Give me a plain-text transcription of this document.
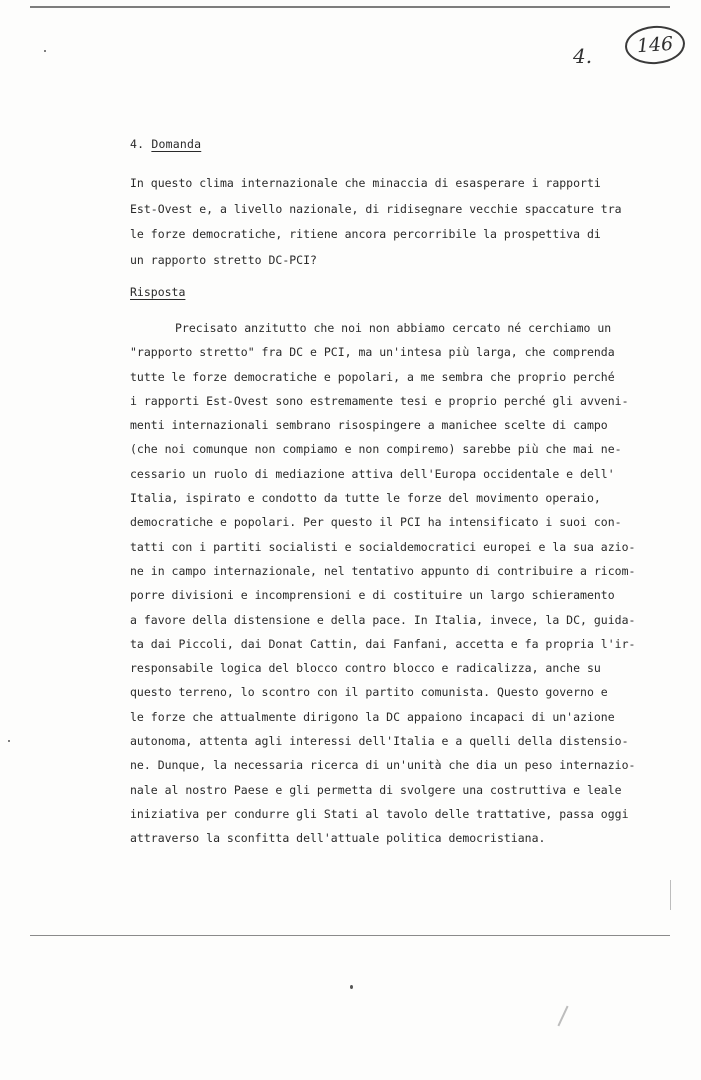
4. 146
4. Domanda
In questo clima internazionale che minaccia di esasperare i rapporti
Est-Ovest e, a livello nazionale, di ridisegnare vecchie spaccature tra
le forze democratiche, ritiene ancora percorribile la prospettiva di
un rapporto stretto DC-PCI?
Risposta
Precisato anzitutto che noi non abbiamo cercato né cerchiamo un
"rapporto stretto" fra DC e PCI, ma un'intesa più larga, che comprenda
tutte le forze democratiche e popolari, a me sembra che proprio perché
i rapporti Est-Ovest sono estremamente tesi e proprio perché gli avveni-
menti internazionali sembrano risospingere a manichee scelte di campo
(che noi comunque non compiamo e non compiremo) sarebbe più che mai ne-
cessario un ruolo di mediazione attiva dell'Europa occidentale e dell'
Italia, ispirato e condotto da tutte le forze del movimento operaio,
democratiche e popolari. Per questo il PCI ha intensificato i suoi con-
tatti con i partiti socialisti e socialdemocratici europei e la sua azio-
ne in campo internazionale, nel tentativo appunto di contribuire a ricom-
porre divisioni e incomprensioni e di costituire un largo schieramento
a favore della distensione e della pace. In Italia, invece, la DC, guida-
ta dai Piccoli, dai Donat Cattin, dai Fanfani, accetta e fa propria l'ir-
responsabile logica del blocco contro blocco e radicalizza, anche su
questo terreno, lo scontro con il partito comunista. Questo governo e
le forze che attualmente dirigono la DC appaiono incapaci di un'azione
autonoma, attenta agli interessi dell'Italia e a quelli della distensio-
ne. Dunque, la necessaria ricerca di un'unità che dia un peso internazio-
nale al nostro Paese e gli permetta di svolgere una costruttiva e leale
iniziativa per condurre gli Stati al tavolo delle trattative, passa oggi
attraverso la sconfitta dell'attuale politica democristiana.
